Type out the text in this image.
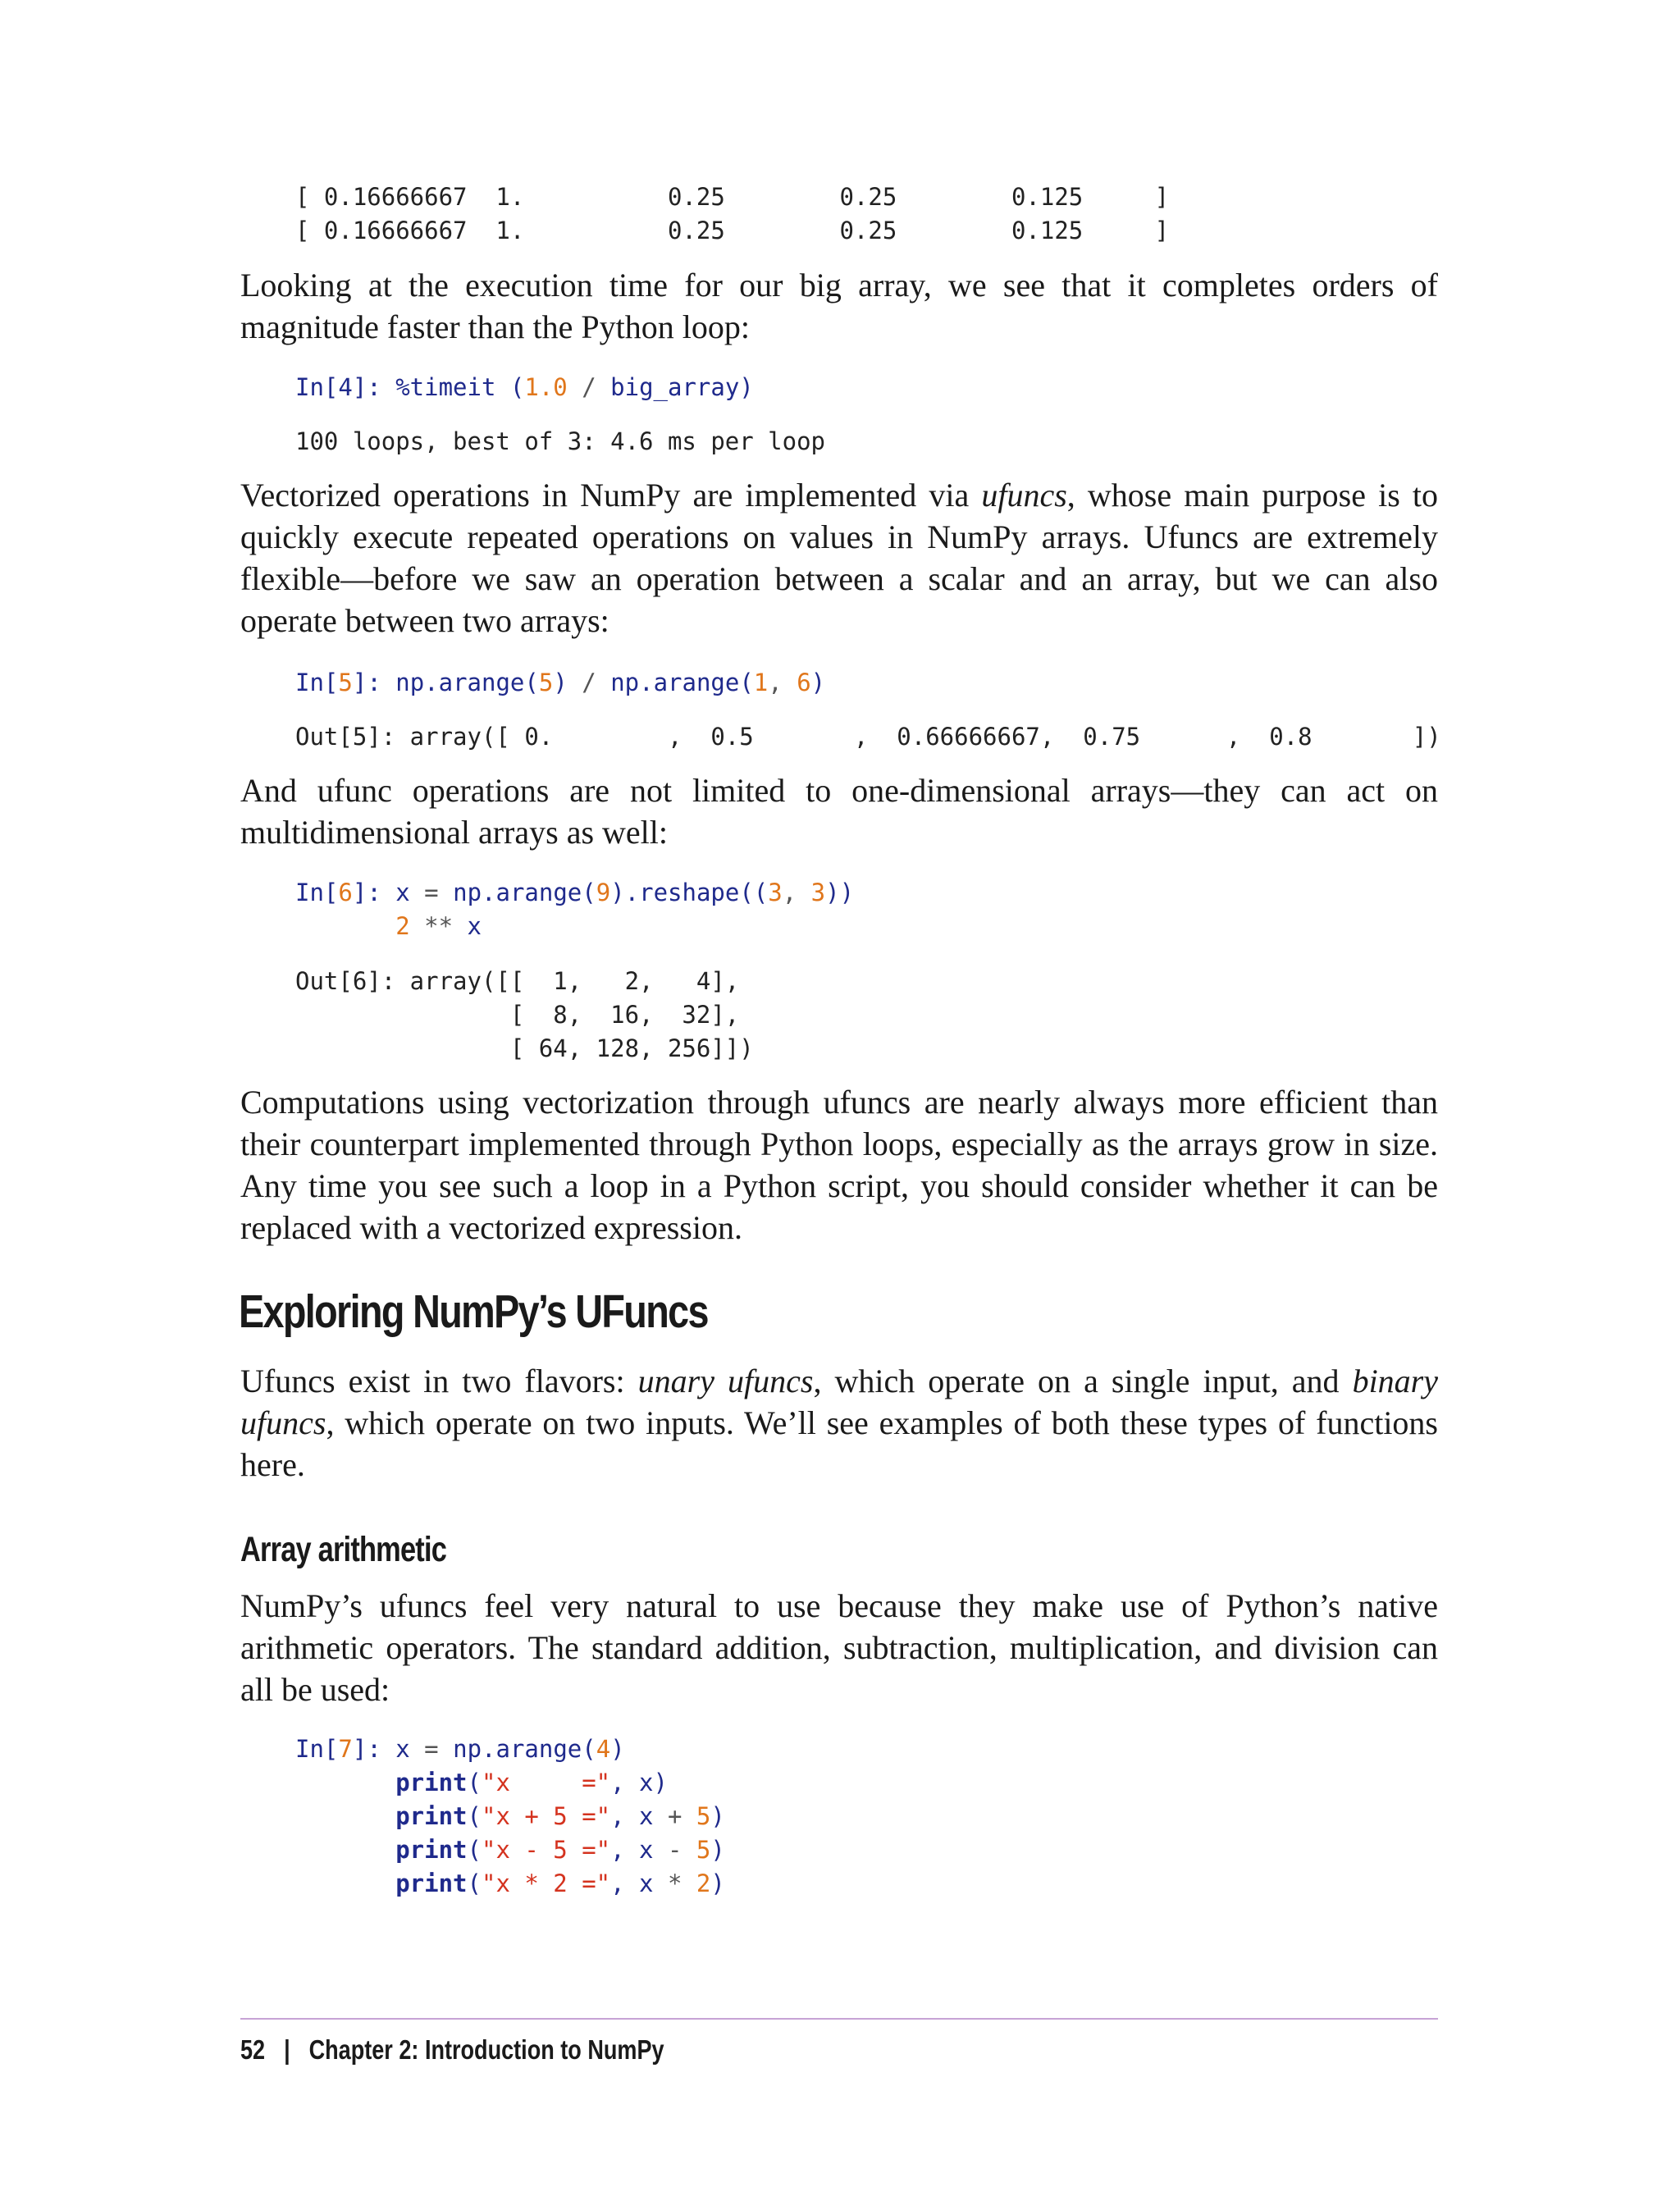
[ 0.16666667  1.          0.25        0.25        0.125     ]
[ 0.16666667  1.          0.25        0.25        0.125     ]

Looking at the execution time for our big array, we see that it completes orders of magnitude faster than the Python loop:

In[4]: %timeit (1.0 / big_array)
100 loops, best of 3: 4.6 ms per loop

Vectorized operations in NumPy are implemented via ufuncs, whose main purpose is to quickly execute repeated operations on values in NumPy arrays. Ufuncs are extremely flexible—before we saw an operation between a scalar and an array, but we can also operate between two arrays:

In[5]: np.arange(5) / np.arange(1, 6)
Out[5]: array([ 0.        ,  0.5       ,  0.66666667,  0.75      ,  0.8       ])

And ufunc operations are not limited to one-dimensional arrays—they can act on multidimensional arrays as well:

In[6]: x = np.arange(9).reshape((3, 3))
2 ** x
Out[6]: array([[  1,   2,   4],
[  8,  16,  32],
[ 64, 128, 256]])

Computations using vectorization through ufuncs are nearly always more efficient than their counterpart implemented through Python loops, especially as the arrays grow in size. Any time you see such a loop in a Python script, you should consider whether it can be replaced with a vectorized expression.

Exploring NumPy’s UFuncs

Ufuncs exist in two flavors: unary ufuncs, which operate on a single input, and binary ufuncs, which operate on two inputs. We’ll see examples of both these types of functions here.

Array arithmetic

NumPy’s ufuncs feel very natural to use because they make use of Python’s native arithmetic operators. The standard addition, subtraction, multiplication, and division can all be used:

In[7]: x = np.arange(4)
print("x     =", x)
print("x + 5 =", x + 5)
print("x - 5 =", x - 5)
print("x * 2 =", x * 2)
52 | Chapter 2: Introduction to NumPy
